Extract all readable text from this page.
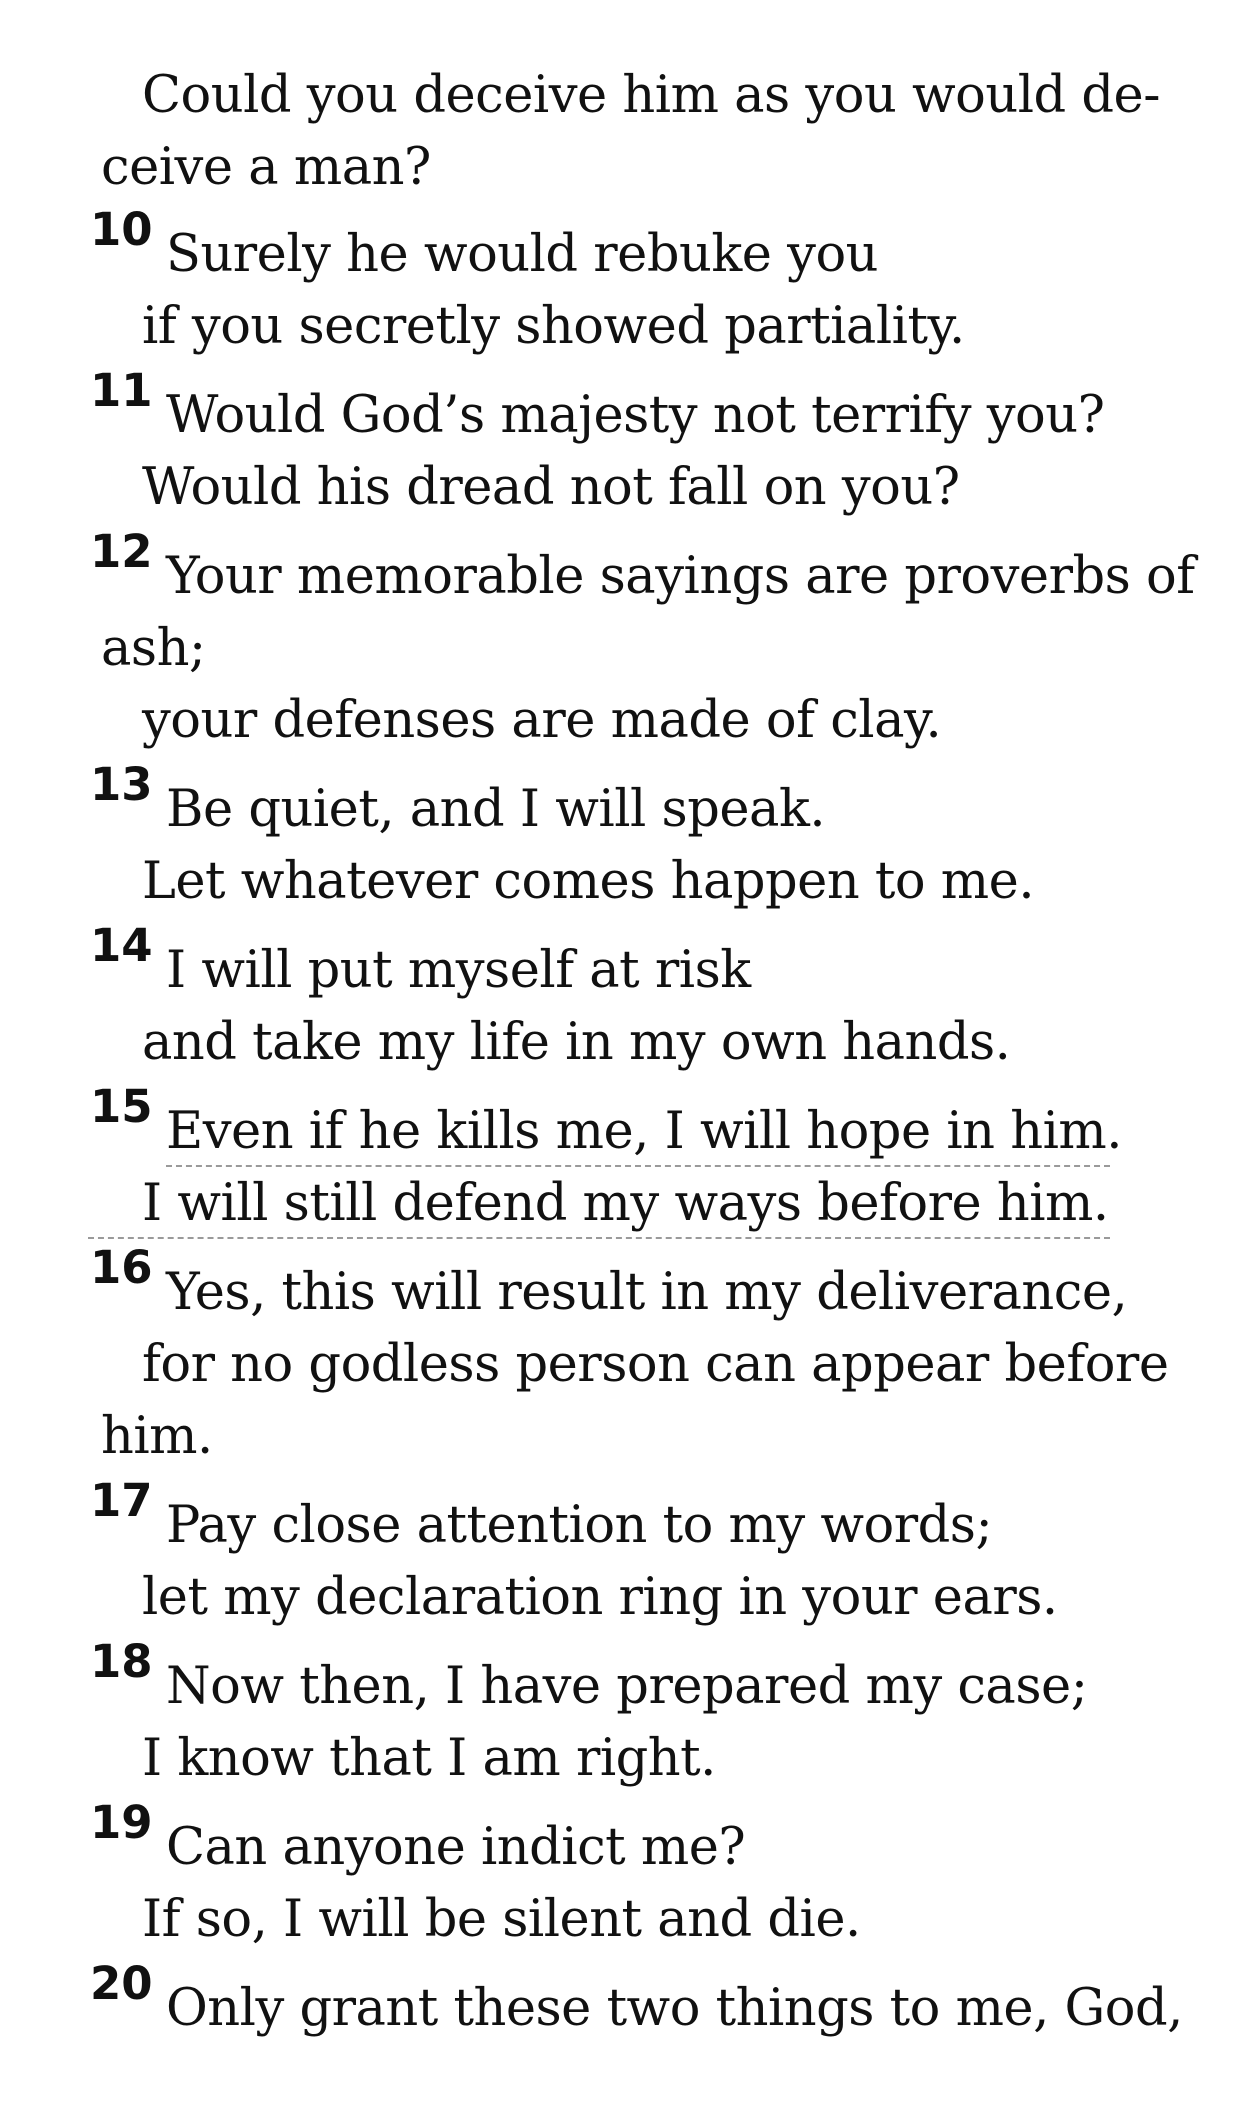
Could you deceive him as you would de-
ceive a man?
10 Surely he would rebuke you
if you secretly showed partiality.
11 Would God’s majesty not terrify you?
Would his dread not fall on you?
12 Your memorable sayings are proverbs of
ash;
your defenses are made of clay.
13 Be quiet, and I will speak.
Let whatever comes happen to me.
14 I will put myself at risk
and take my life in my own hands.
15 Even if he kills me, I will hope in him.
I will still defend my ways before him.
16 Yes, this will result in my deliverance,
for no godless person can appear before
him.
17 Pay close attention to my words;
let my declaration ring in your ears.
18 Now then, I have prepared my case;
I know that I am right.
19 Can anyone indict me?
If so, I will be silent and die.
20 Only grant these two things to me, God,
